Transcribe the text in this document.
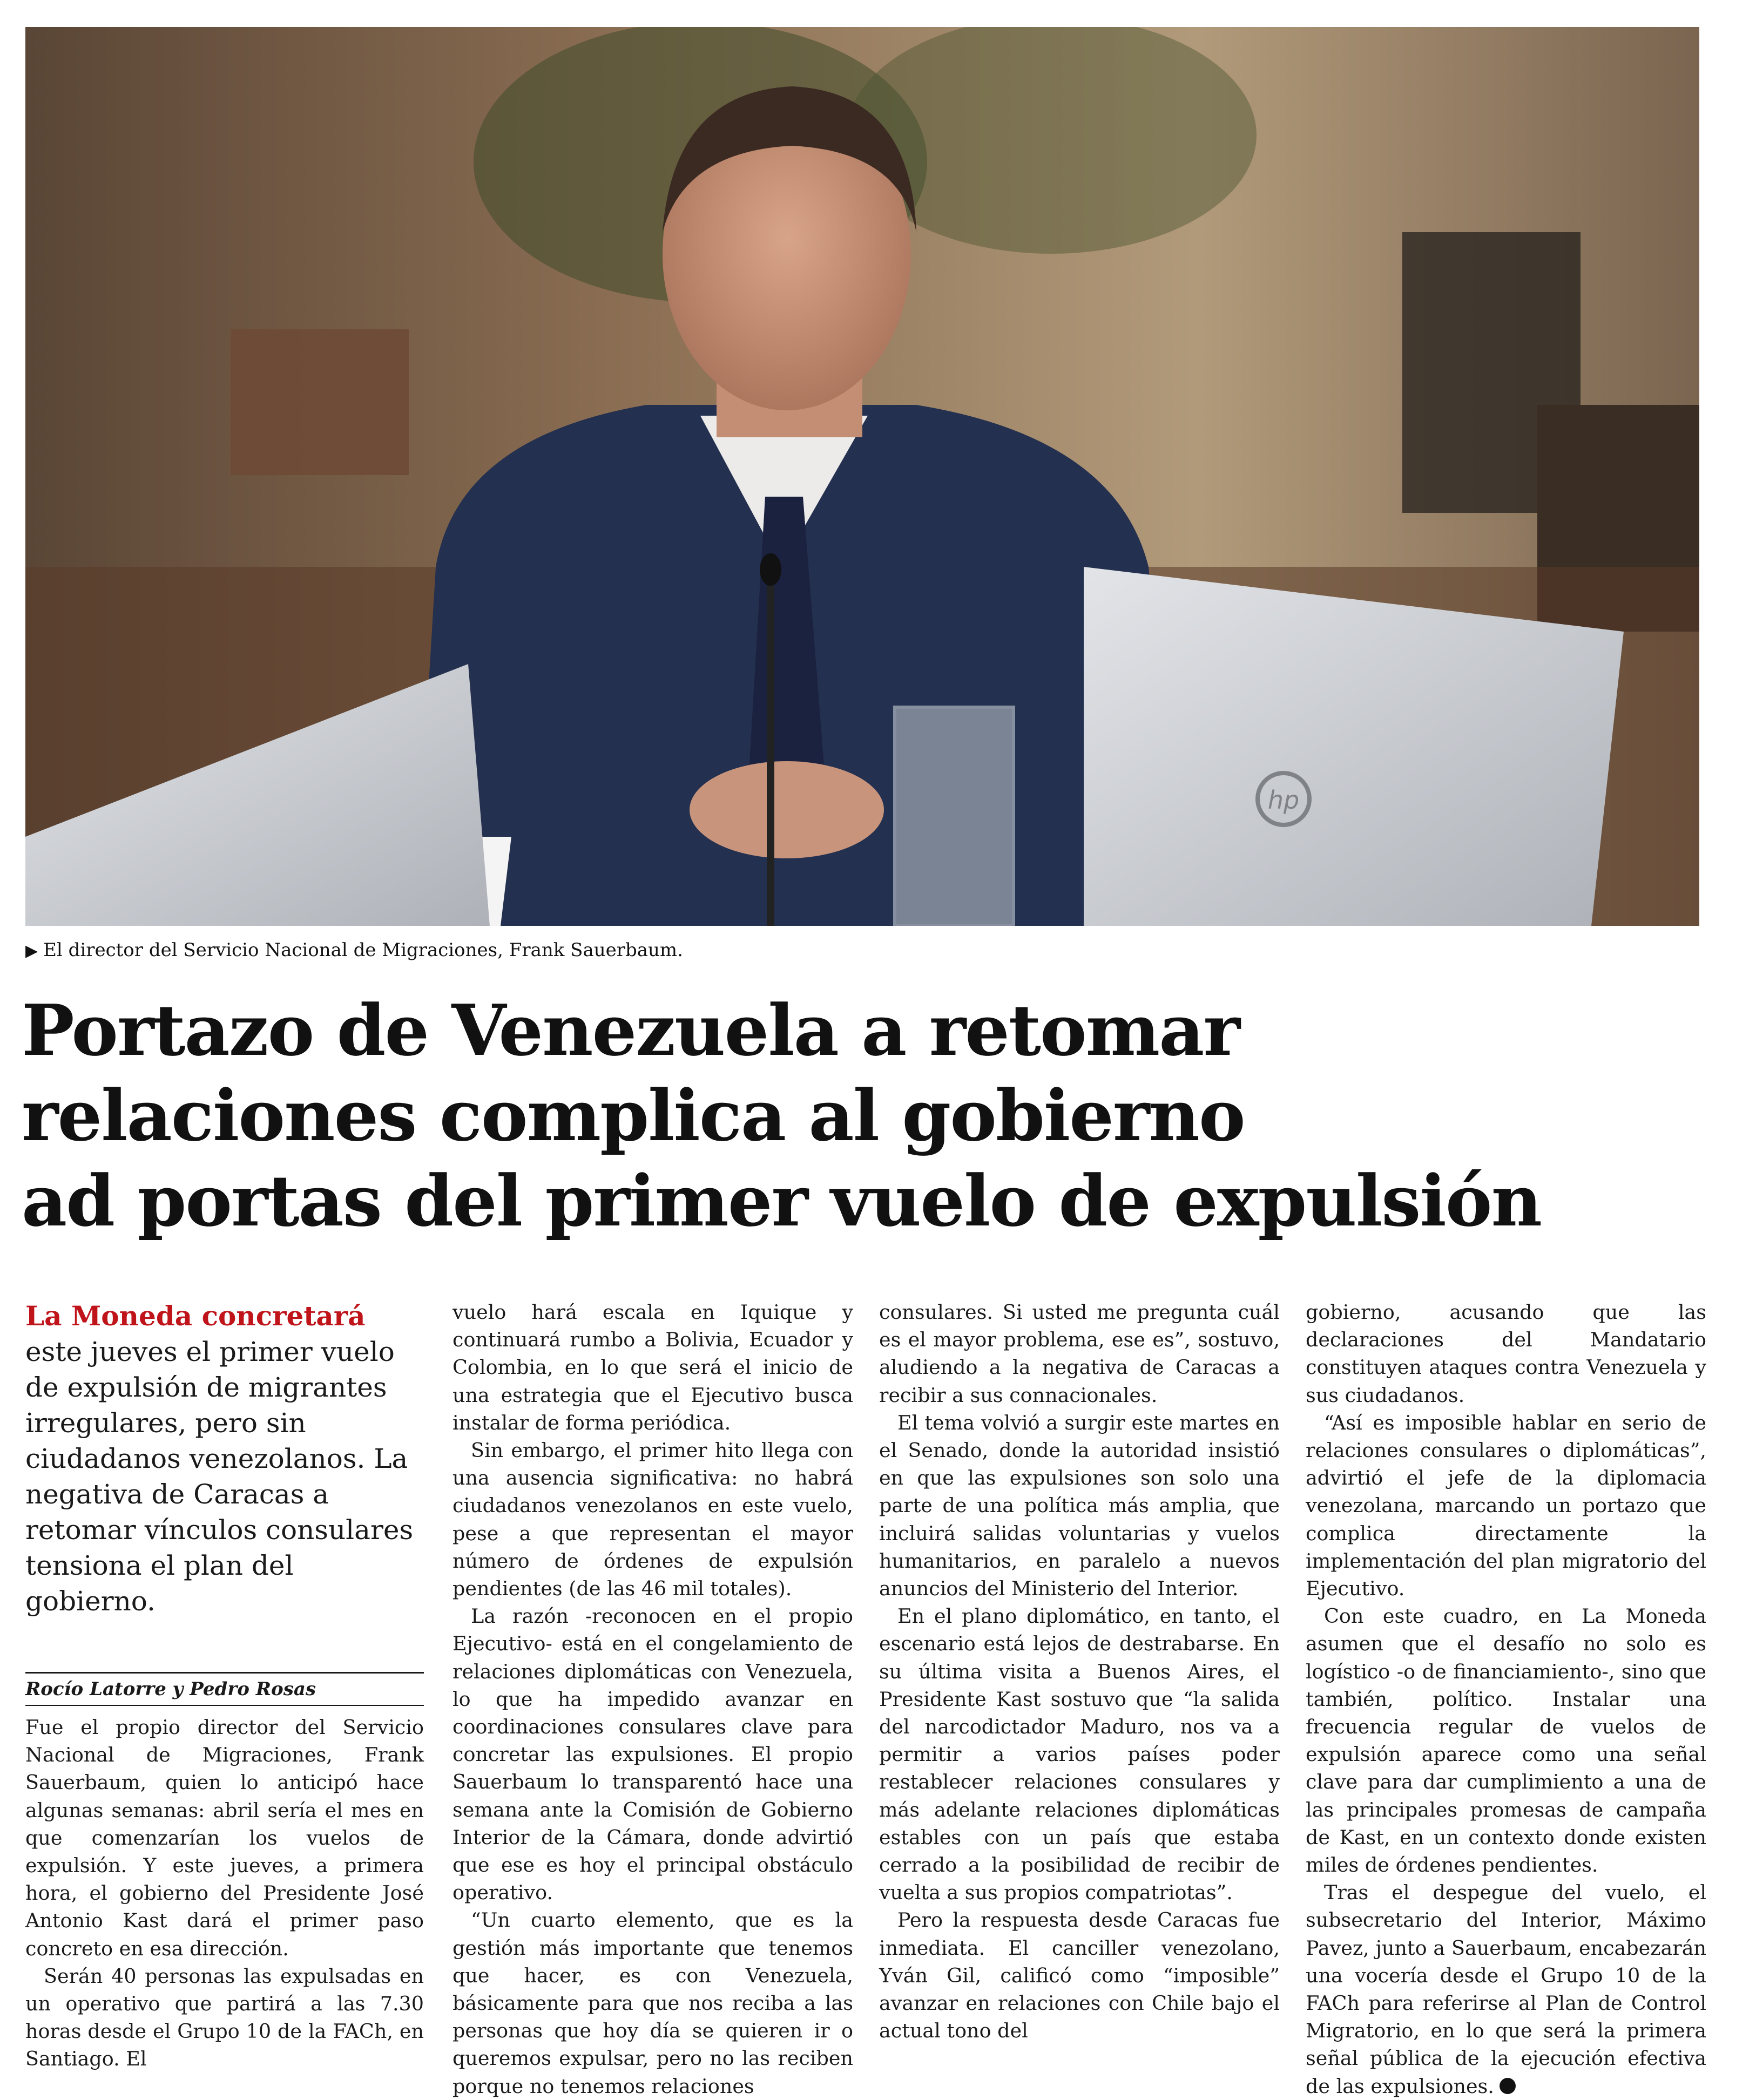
hp
▶ El director del Servicio Nacional de Migraciones, Frank Sauerbaum.
Portazo de Venezuela a retomar
relaciones complica al gobierno
ad portas del primer vuelo de expulsión
La Moneda concretará este jueves el primer vuelo de expulsión de migrantes irregulares, pero sin ciudadanos venezolanos. La negativa de Caracas a retomar vínculos consulares tensiona el plan del gobierno.
Rocío Latorre y Pedro Rosas

Fue el propio director del Servicio Nacional de Migraciones, Frank Sauerbaum, quien lo anticipó hace algunas semanas: abril sería el mes en que comenzarían los vuelos de expulsión. Y este jueves, a primera hora, el gobierno del Presidente José Antonio Kast dará el primer paso concreto en esa dirección.

Serán 40 personas las expulsadas en un operativo que partirá a las 7.30 horas desde el Grupo 10 de la FACh, en Santiago. El

vuelo hará escala en Iquique y continuará rumbo a Bolivia, Ecuador y Colombia, en lo que será el inicio de una estrategia que el Ejecutivo busca instalar de forma periódica.

Sin embargo, el primer hito llega con una ausencia significativa: no habrá ciudadanos venezolanos en este vuelo, pese a que representan el mayor número de órdenes de expulsión pendientes (de las 46 mil totales).

La razón -reconocen en el propio Ejecutivo- está en el congelamiento de relaciones diplomáticas con Venezuela, lo que ha impedido avanzar en coordinaciones consulares clave para concretar las expulsiones. El propio Sauerbaum lo transparentó hace una semana ante la Comisión de Gobierno Interior de la Cámara, donde advirtió que ese es hoy el principal obstáculo operativo.

“Un cuarto elemento, que es la gestión más importante que tenemos que hacer, es con Venezuela, básicamente para que nos reciba a las personas que hoy día se quieren ir o queremos expulsar, pero no las reciben porque no tenemos relaciones

consulares. Si usted me pregunta cuál es el mayor problema, ese es”, sostuvo, aludiendo a la negativa de Caracas a recibir a sus connacionales.

El tema volvió a surgir este martes en el Senado, donde la autoridad insistió en que las expulsiones son solo una parte de una política más amplia, que incluirá salidas voluntarias y vuelos humanitarios, en paralelo a nuevos anuncios del Ministerio del Interior.

En el plano diplomático, en tanto, el escenario está lejos de destrabarse. En su última visita a Buenos Aires, el Presidente Kast sostuvo que “la salida del narcodictador Maduro, nos va a permitir a varios países poder restablecer relaciones consulares y más adelante relaciones diplomáticas estables con un país que estaba cerrado a la posibilidad de recibir de vuelta a sus propios compatriotas”.

Pero la respuesta desde Caracas fue inmediata. El canciller venezolano, Yván Gil, calificó como “imposible” avanzar en relaciones con Chile bajo el actual tono del

gobierno, acusando que las declaraciones del Mandatario constituyen ataques contra Venezuela y sus ciudadanos.

“Así es imposible hablar en serio de relaciones consulares o diplomáticas”, advirtió el jefe de la diplomacia venezolana, marcando un portazo que complica directamente la implementación del plan migratorio del Ejecutivo.

Con este cuadro, en La Moneda asumen que el desafío no solo es logístico -o de financiamiento-, sino que también, político. Instalar una frecuencia regular de vuelos de expulsión aparece como una señal clave para dar cumplimiento a una de las principales promesas de campaña de Kast, en un contexto donde existen miles de órdenes pendientes.

Tras el despegue del vuelo, el subsecretario del Interior, Máximo Pavez, junto a Sauerbaum, encabezarán una vocería desde el Grupo 10 de la FACh para referirse al Plan de Control Migratorio, en lo que será la primera señal pública de la ejecución efectiva de las expulsiones.
